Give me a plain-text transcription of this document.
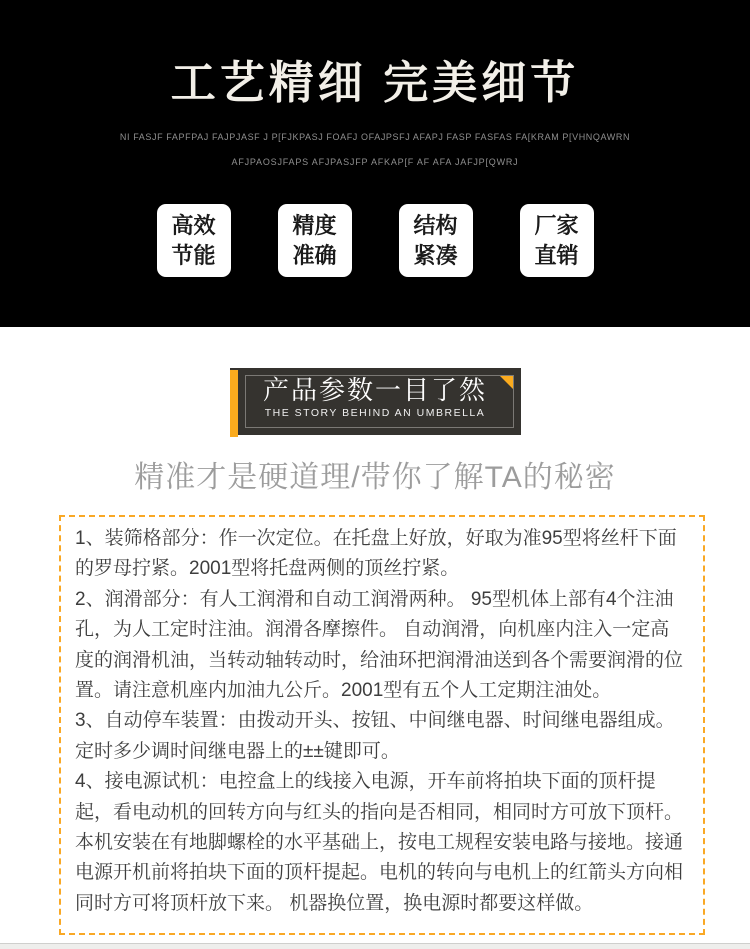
工艺精细 完美细节
NI FASJF FAPFPAJ FAJPJASF J P[FJKPASJ FOAFJ OFAJPSFJ AFAPJ FASP FASFAS FA[KRAM P[VHNQAWRN
AFJPAOSJFAPS AFJPASJFP AFKAP[F AF AFA JAFJP[QWRJ
高效
节能
精度
准确
结构
紧凑
厂家
直销
产品参数一目了然
THE STORY BEHIND AN UMBRELLA
精准才是硬道理/带你了解TA的秘密

1、装筛格部分：作一次定位。在托盘上好放，好取为准95型将丝杆下面的罗母拧紧。2001型将托盘两侧的顶丝拧紧。

2、润滑部分：有人工润滑和自动工润滑两种。 95型机体上部有4个注油孔，为人工定时注油。润滑各摩擦件。 自动润滑，向机座内注入一定高度的润滑机油，当转动轴转动时，给油环把润滑油送到各个需要润滑的位置。请注意机座内加油九公斤。2001型有五个人工定期注油处。

3、自动停车装置：由拨动开头、按钮、中间继电器、时间继电器组成。定时多少调时间继电器上的±±键即可。

4、接电源试机：电控盒上的线接入电源，开车前将拍块下面的顶杆提起，看电动机的回转方向与红头的指向是否相同，相同时方可放下顶杆。本机安装在有地脚螺栓的水平基础上，按电工规程安装电路与接地。接通电源开机前将拍块下面的顶杆提起。电机的转向与电机上的红箭头方向相同时方可将顶杆放下来。 机器换位置，换电源时都要这样做。
